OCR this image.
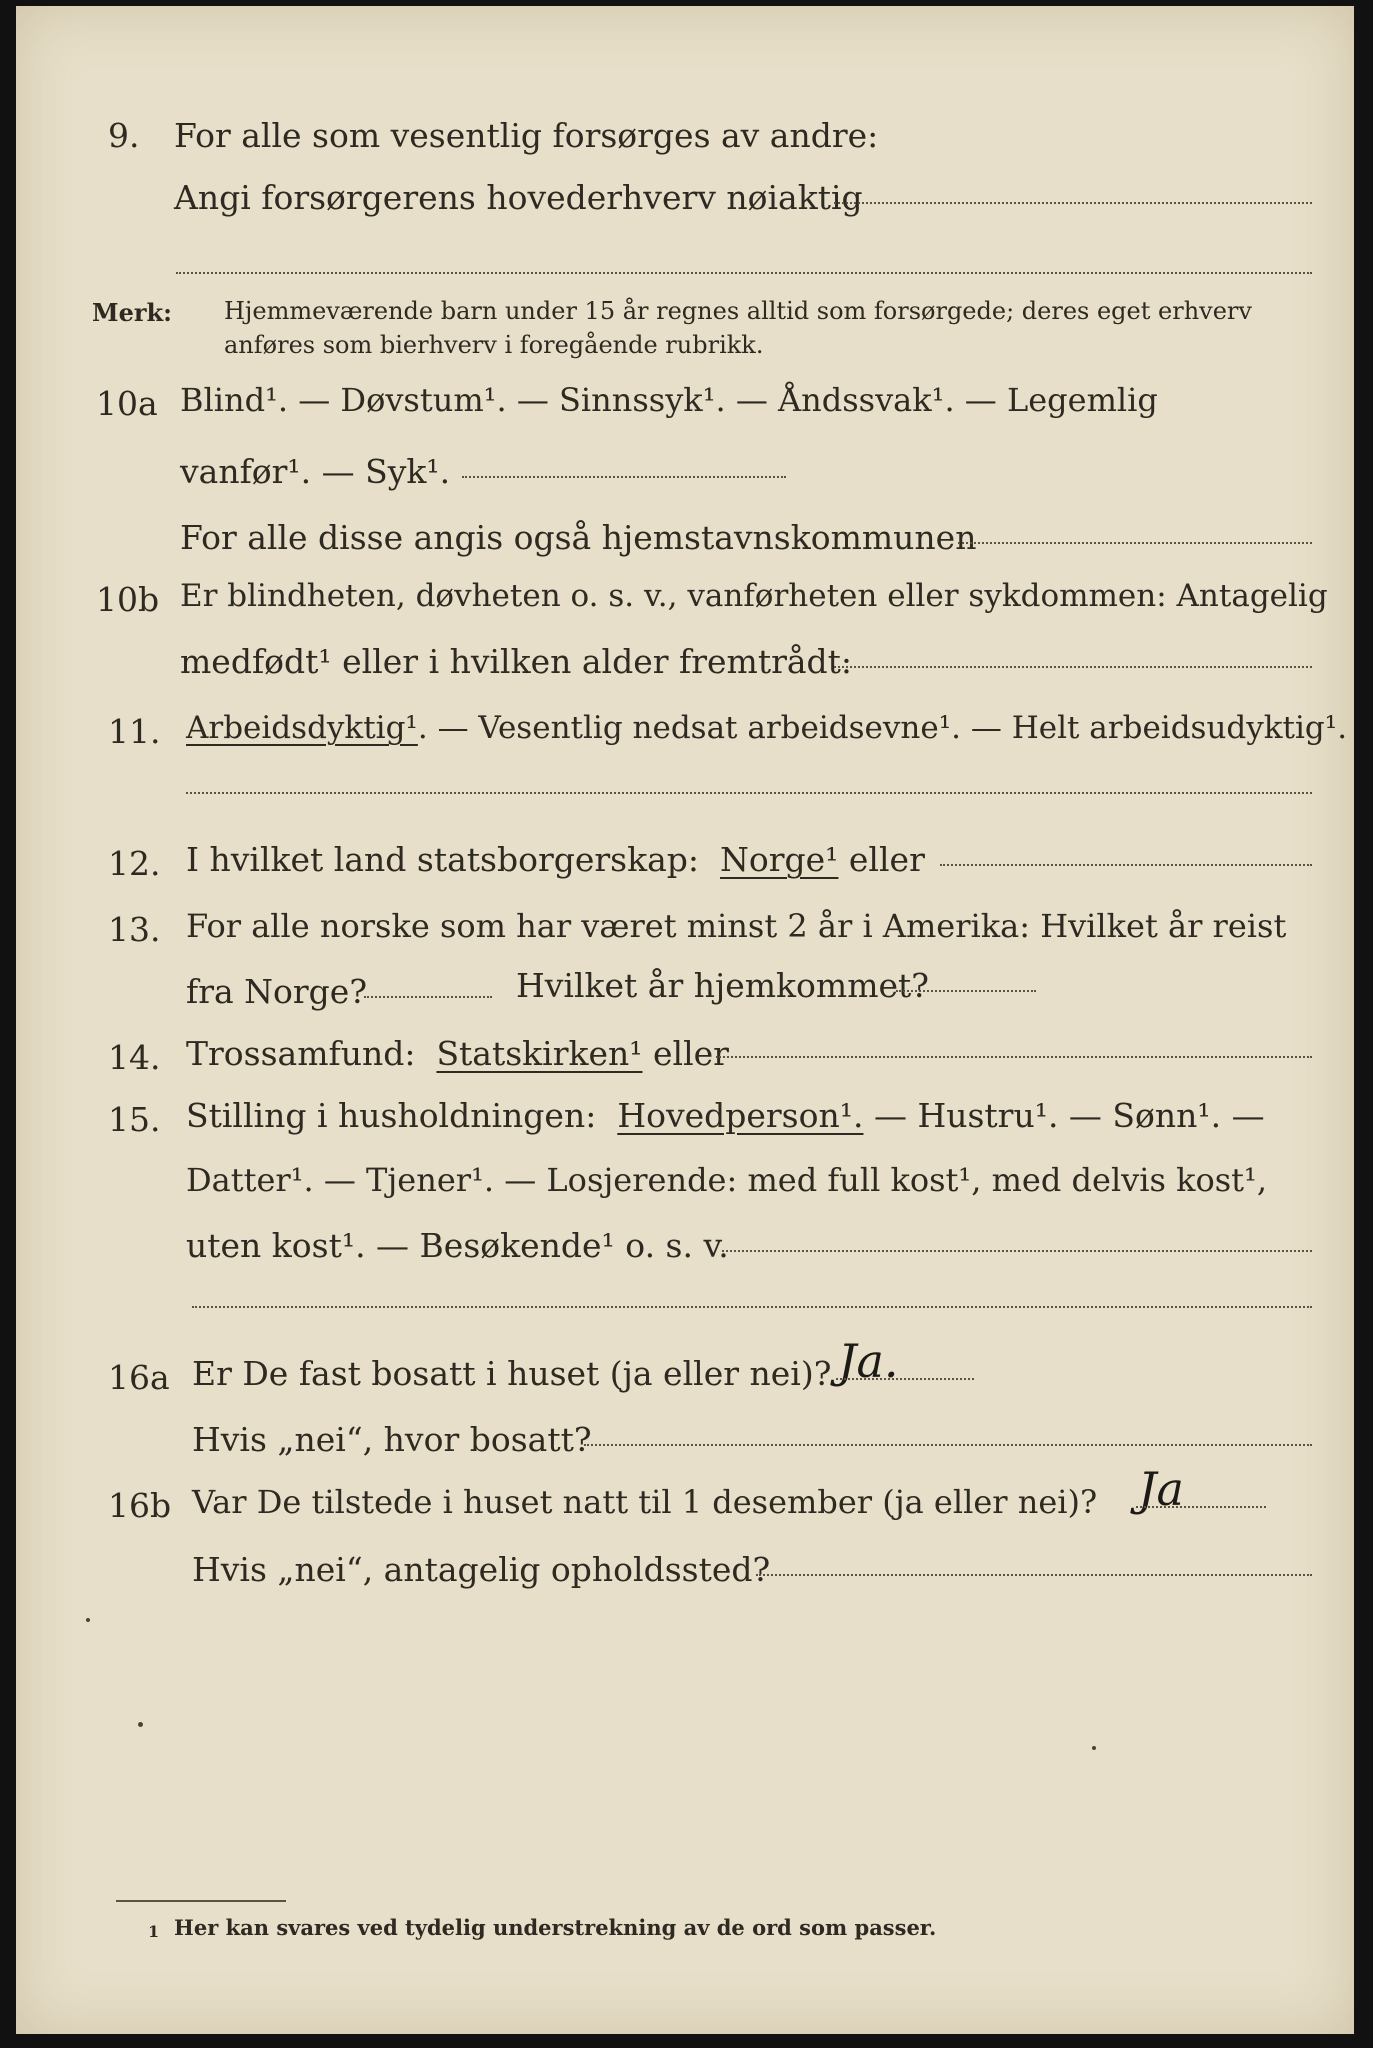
9. For alle som vesentlig forsørges av andre:
Angi forsørgerens hovederhverv nøiaktig
Merk: Hjemmeværende barn under 15 år regnes alltid som forsørgede; deres eget erhverv
anføres som bierhverv i foregående rubrikk.
10a Blind¹. — Døvstum¹. — Sinnssyk¹. — Åndssvak¹. — Legemlig
vanfør¹. — Syk¹.
For alle disse angis også hjemstavnskommunen
10b Er blindheten, døvheten o. s. v., vanførheten eller sykdommen: Antagelig
medfødt¹ eller i hvilken alder fremtrådt:
11. Arbeidsdyktig¹. — Vesentlig nedsat arbeidsevne¹. — Helt arbeidsudyktig¹.
12. I hvilket land statsborgerskap: Norge¹ eller
13. For alle norske som har været minst 2 år i Amerika: Hvilket år reist
fra Norge?	Hvilket år hjemkommet?
14. Trossamfund: Statskirken¹ eller
15. Stilling i husholdningen: Hovedperson¹. — Hustru¹. — Sønn¹. —
Datter¹. — Tjener¹. — Losjerende: med full kost¹, med delvis kost¹,
uten kost¹. — Besøkende¹ o. s. v.
16a Er De fast bosatt i huset (ja eller nei)? Ja.
Hvis „nei“, hvor bosatt?
16b Var De tilstede i huset natt til 1 desember (ja eller nei)? Ja
Hvis „nei“, antagelig opholdssted?
1 Her kan svares ved tydelig understrekning av de ord som passer.
